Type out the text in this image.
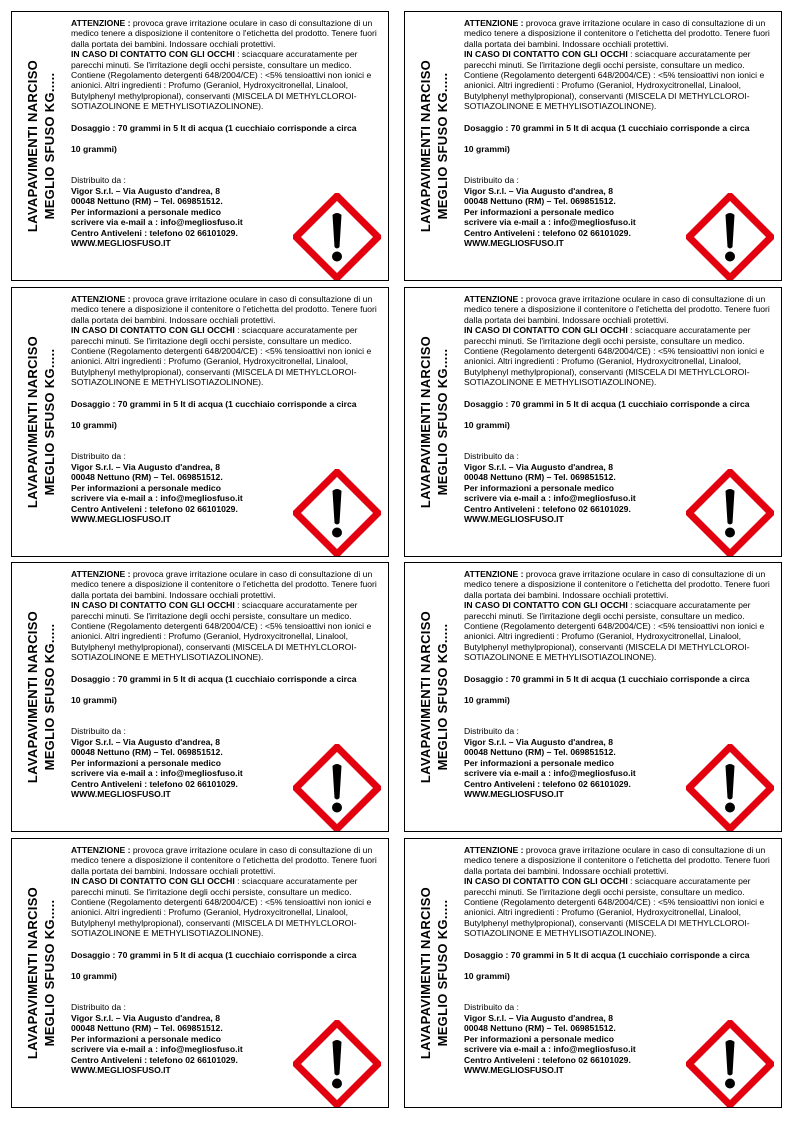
LAVAPAVIMENTI NARCISO MEGLIO SFUSO KG.....

ATTENZIONE : provoca grave irritazione oculare in caso di consultazione di un medico tenere a disposizione il contenitore o l'etichetta del prodotto. Tenere fuori dalla portata dei bambini. Indossare occhiali protettivi.

IN CASO DI CONTATTO CON GLI OCCHI : sciacquare accuratamente per parecchi minuti. Se l'irritazione degli occhi persiste, consultare un medico. Contiene (Regolamento detergenti 648/2004/CE) : <5% tensioattivi non ionici e anionici. Altri ingredienti : Profumo (Geraniol, Hydroxycitronellal, Linalool, Butylphenyl methylpropional), conservanti (MISCELA DI METHYLCLOROI-SOTIAZOLINONE E METHYLISOTIAZOLINONE).

Dosaggio : 70 grammi in 5 lt di acqua (1 cucchiaio corrisponde a circa

10 grammi)

Distribuito da :

Vigor S.r.l. – Via Augusto d'andrea, 8

00048 Nettuno (RM) – Tel. 069851512.

Per informazioni a personale medico

scrivere via e-mail a : info@megliosfuso.it

Centro Antiveleni : telefono 02 66101029.

WWW.MEGLIOSFUSO.IT

LAVAPAVIMENTI NARCISO MEGLIO SFUSO KG.....

ATTENZIONE : provoca grave irritazione oculare in caso di consultazione di un medico tenere a disposizione il contenitore o l'etichetta del prodotto. Tenere fuori dalla portata dei bambini. Indossare occhiali protettivi.

IN CASO DI CONTATTO CON GLI OCCHI : sciacquare accuratamente per parecchi minuti. Se l'irritazione degli occhi persiste, consultare un medico. Contiene (Regolamento detergenti 648/2004/CE) : <5% tensioattivi non ionici e anionici. Altri ingredienti : Profumo (Geraniol, Hydroxycitronellal, Linalool, Butylphenyl methylpropional), conservanti (MISCELA DI METHYLCLOROI-SOTIAZOLINONE E METHYLISOTIAZOLINONE).

Dosaggio : 70 grammi in 5 lt di acqua (1 cucchiaio corrisponde a circa

10 grammi)

Distribuito da :

Vigor S.r.l. – Via Augusto d'andrea, 8

00048 Nettuno (RM) – Tel. 069851512.

Per informazioni a personale medico

scrivere via e-mail a : info@megliosfuso.it

Centro Antiveleni : telefono 02 66101029.

WWW.MEGLIOSFUSO.IT

LAVAPAVIMENTI NARCISO MEGLIO SFUSO KG.....

ATTENZIONE : provoca grave irritazione oculare in caso di consultazione di un medico tenere a disposizione il contenitore o l'etichetta del prodotto. Tenere fuori dalla portata dei bambini. Indossare occhiali protettivi.

IN CASO DI CONTATTO CON GLI OCCHI : sciacquare accuratamente per parecchi minuti. Se l'irritazione degli occhi persiste, consultare un medico. Contiene (Regolamento detergenti 648/2004/CE) : <5% tensioattivi non ionici e anionici. Altri ingredienti : Profumo (Geraniol, Hydroxycitronellal, Linalool, Butylphenyl methylpropional), conservanti (MISCELA DI METHYLCLOROI-SOTIAZOLINONE E METHYLISOTIAZOLINONE).

Dosaggio : 70 grammi in 5 lt di acqua (1 cucchiaio corrisponde a circa

10 grammi)

Distribuito da :

Vigor S.r.l. – Via Augusto d'andrea, 8

00048 Nettuno (RM) – Tel. 069851512.

Per informazioni a personale medico

scrivere via e-mail a : info@megliosfuso.it

Centro Antiveleni : telefono 02 66101029.

WWW.MEGLIOSFUSO.IT

LAVAPAVIMENTI NARCISO MEGLIO SFUSO KG.....

ATTENZIONE : provoca grave irritazione oculare in caso di consultazione di un medico tenere a disposizione il contenitore o l'etichetta del prodotto. Tenere fuori dalla portata dei bambini. Indossare occhiali protettivi.

IN CASO DI CONTATTO CON GLI OCCHI : sciacquare accuratamente per parecchi minuti. Se l'irritazione degli occhi persiste, consultare un medico. Contiene (Regolamento detergenti 648/2004/CE) : <5% tensioattivi non ionici e anionici. Altri ingredienti : Profumo (Geraniol, Hydroxycitronellal, Linalool, Butylphenyl methylpropional), conservanti (MISCELA DI METHYLCLOROI-SOTIAZOLINONE E METHYLISOTIAZOLINONE).

Dosaggio : 70 grammi in 5 lt di acqua (1 cucchiaio corrisponde a circa

10 grammi)

Distribuito da :

Vigor S.r.l. – Via Augusto d'andrea, 8

00048 Nettuno (RM) – Tel. 069851512.

Per informazioni a personale medico

scrivere via e-mail a : info@megliosfuso.it

Centro Antiveleni : telefono 02 66101029.

WWW.MEGLIOSFUSO.IT

LAVAPAVIMENTI NARCISO MEGLIO SFUSO KG.....

ATTENZIONE : provoca grave irritazione oculare in caso di consultazione di un medico tenere a disposizione il contenitore o l'etichetta del prodotto. Tenere fuori dalla portata dei bambini. Indossare occhiali protettivi.

IN CASO DI CONTATTO CON GLI OCCHI : sciacquare accuratamente per parecchi minuti. Se l'irritazione degli occhi persiste, consultare un medico. Contiene (Regolamento detergenti 648/2004/CE) : <5% tensioattivi non ionici e anionici. Altri ingredienti : Profumo (Geraniol, Hydroxycitronellal, Linalool, Butylphenyl methylpropional), conservanti (MISCELA DI METHYLCLOROI-SOTIAZOLINONE E METHYLISOTIAZOLINONE).

Dosaggio : 70 grammi in 5 lt di acqua (1 cucchiaio corrisponde a circa

10 grammi)

Distribuito da :

Vigor S.r.l. – Via Augusto d'andrea, 8

00048 Nettuno (RM) – Tel. 069851512.

Per informazioni a personale medico

scrivere via e-mail a : info@megliosfuso.it

Centro Antiveleni : telefono 02 66101029.

WWW.MEGLIOSFUSO.IT

LAVAPAVIMENTI NARCISO MEGLIO SFUSO KG.....

ATTENZIONE : provoca grave irritazione oculare in caso di consultazione di un medico tenere a disposizione il contenitore o l'etichetta del prodotto. Tenere fuori dalla portata dei bambini. Indossare occhiali protettivi.

IN CASO DI CONTATTO CON GLI OCCHI : sciacquare accuratamente per parecchi minuti. Se l'irritazione degli occhi persiste, consultare un medico. Contiene (Regolamento detergenti 648/2004/CE) : <5% tensioattivi non ionici e anionici. Altri ingredienti : Profumo (Geraniol, Hydroxycitronellal, Linalool, Butylphenyl methylpropional), conservanti (MISCELA DI METHYLCLOROI-SOTIAZOLINONE E METHYLISOTIAZOLINONE).

Dosaggio : 70 grammi in 5 lt di acqua (1 cucchiaio corrisponde a circa

10 grammi)

Distribuito da :

Vigor S.r.l. – Via Augusto d'andrea, 8

00048 Nettuno (RM) – Tel. 069851512.

Per informazioni a personale medico

scrivere via e-mail a : info@megliosfuso.it

Centro Antiveleni : telefono 02 66101029.

WWW.MEGLIOSFUSO.IT

LAVAPAVIMENTI NARCISO MEGLIO SFUSO KG.....

ATTENZIONE : provoca grave irritazione oculare in caso di consultazione di un medico tenere a disposizione il contenitore o l'etichetta del prodotto. Tenere fuori dalla portata dei bambini. Indossare occhiali protettivi.

IN CASO DI CONTATTO CON GLI OCCHI : sciacquare accuratamente per parecchi minuti. Se l'irritazione degli occhi persiste, consultare un medico. Contiene (Regolamento detergenti 648/2004/CE) : <5% tensioattivi non ionici e anionici. Altri ingredienti : Profumo (Geraniol, Hydroxycitronellal, Linalool, Butylphenyl methylpropional), conservanti (MISCELA DI METHYLCLOROI-SOTIAZOLINONE E METHYLISOTIAZOLINONE).

Dosaggio : 70 grammi in 5 lt di acqua (1 cucchiaio corrisponde a circa

10 grammi)

Distribuito da :

Vigor S.r.l. – Via Augusto d'andrea, 8

00048 Nettuno (RM) – Tel. 069851512.

Per informazioni a personale medico

scrivere via e-mail a : info@megliosfuso.it

Centro Antiveleni : telefono 02 66101029.

WWW.MEGLIOSFUSO.IT

LAVAPAVIMENTI NARCISO MEGLIO SFUSO KG.....

ATTENZIONE : provoca grave irritazione oculare in caso di consultazione di un medico tenere a disposizione il contenitore o l'etichetta del prodotto. Tenere fuori dalla portata dei bambini. Indossare occhiali protettivi.

IN CASO DI CONTATTO CON GLI OCCHI : sciacquare accuratamente per parecchi minuti. Se l'irritazione degli occhi persiste, consultare un medico. Contiene (Regolamento detergenti 648/2004/CE) : <5% tensioattivi non ionici e anionici. Altri ingredienti : Profumo (Geraniol, Hydroxycitronellal, Linalool, Butylphenyl methylpropional), conservanti (MISCELA DI METHYLCLOROI-SOTIAZOLINONE E METHYLISOTIAZOLINONE).

Dosaggio : 70 grammi in 5 lt di acqua (1 cucchiaio corrisponde a circa

10 grammi)

Distribuito da :

Vigor S.r.l. – Via Augusto d'andrea, 8

00048 Nettuno (RM) – Tel. 069851512.

Per informazioni a personale medico

scrivere via e-mail a : info@megliosfuso.it

Centro Antiveleni : telefono 02 66101029.

WWW.MEGLIOSFUSO.IT
